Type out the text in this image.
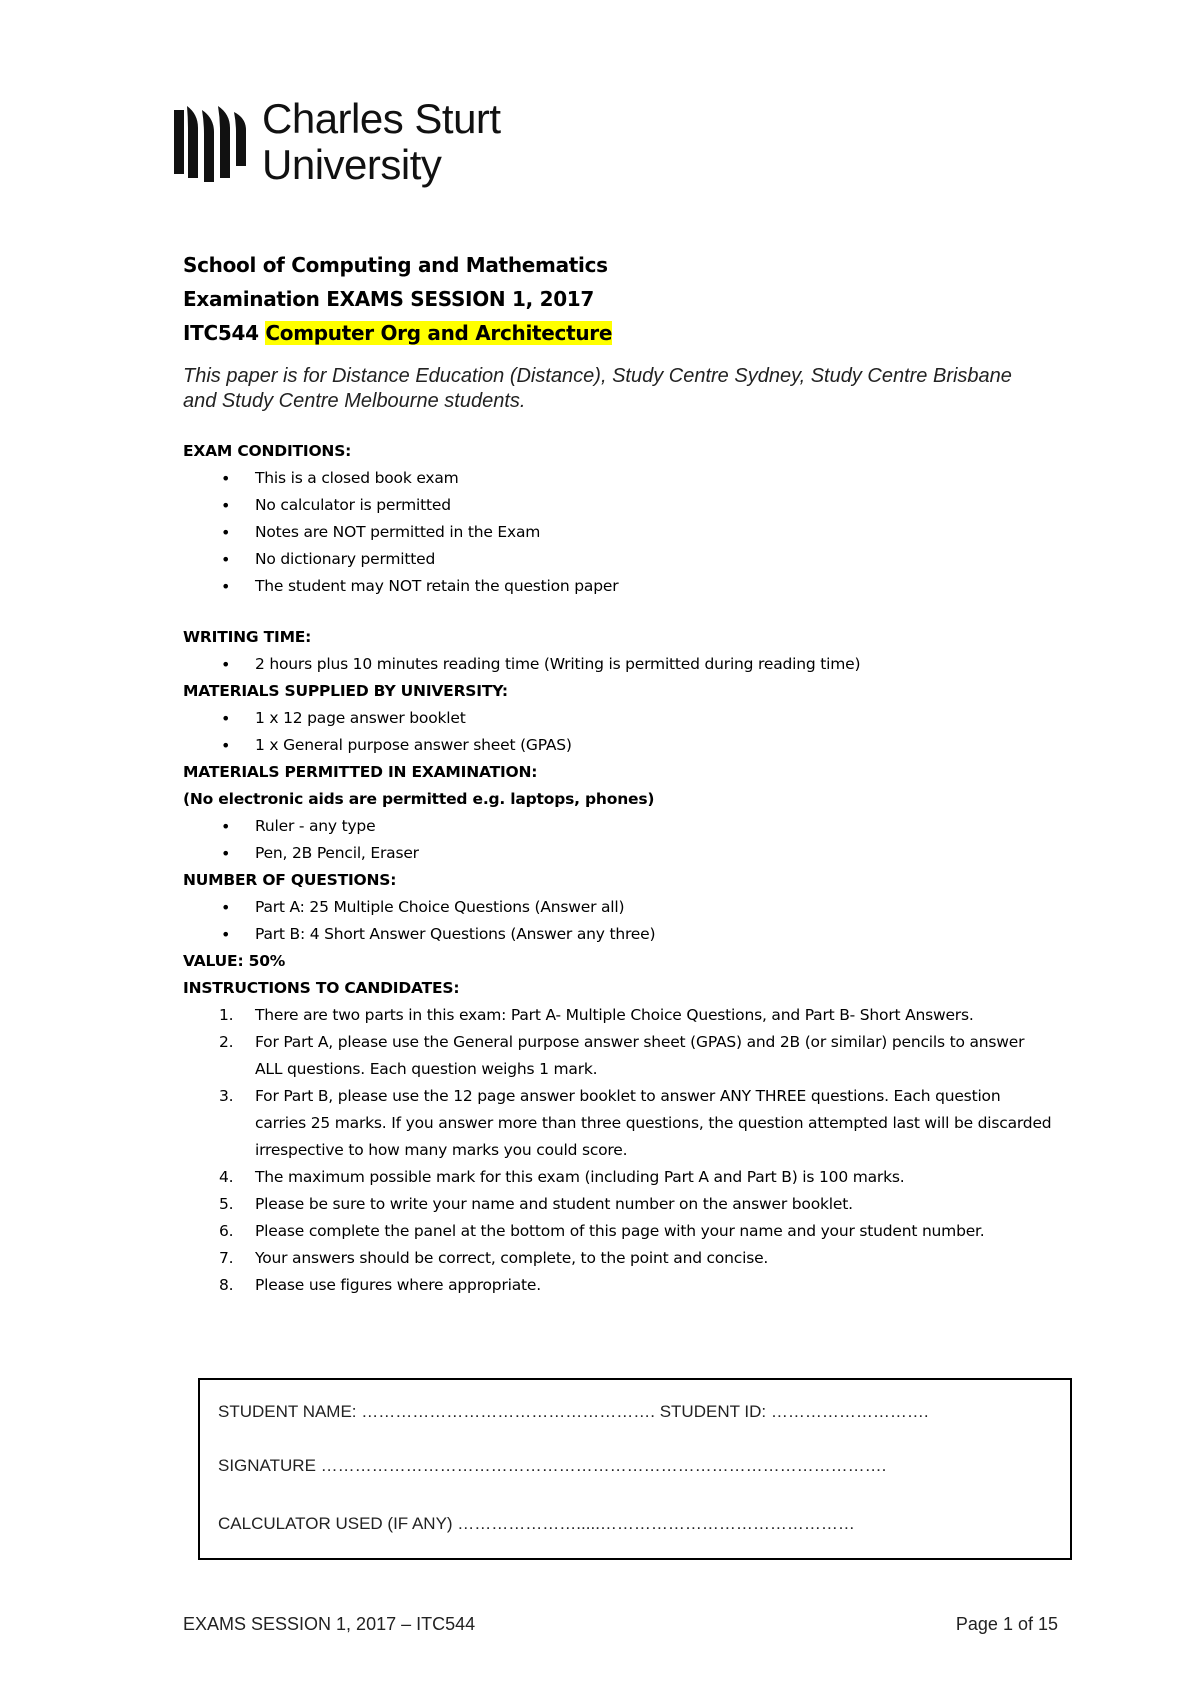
Charles Sturt
University
School of Computing and Mathematics
Examination EXAMS SESSION 1, 2017
ITC544 Computer Org and Architecture
This paper is for Distance Education (Distance), Study Centre Sydney, Study Centre Brisbane and Study Centre Melbourne students.
EXAM CONDITIONS:
• This is a closed book exam
• No calculator is permitted
• Notes are NOT permitted in the Exam
• No dictionary permitted
• The student may NOT retain the question paper
WRITING TIME:
• 2 hours plus 10 minutes reading time (Writing is permitted during reading time)
MATERIALS SUPPLIED BY UNIVERSITY:
• 1 x 12 page answer booklet
• 1 x General purpose answer sheet (GPAS)
MATERIALS PERMITTED IN EXAMINATION:
(No electronic aids are permitted e.g. laptops, phones)
• Ruler - any type
• Pen, 2B Pencil, Eraser
NUMBER OF QUESTIONS:
• Part A: 25 Multiple Choice Questions (Answer all)
• Part B: 4 Short Answer Questions (Answer any three)
VALUE: 50%
INSTRUCTIONS TO CANDIDATES:
1. There are two parts in this exam: Part A- Multiple Choice Questions, and Part B- Short Answers.
2. For Part A, please use the General purpose answer sheet (GPAS) and 2B (or similar) pencils to answer ALL questions. Each question weighs 1 mark.
3. For Part B, please use the 12 page answer booklet to answer ANY THREE questions. Each question carries 25 marks. If you answer more than three questions, the question attempted last will be discarded irrespective to how many marks you could score.
4. The maximum possible mark for this exam (including Part A and Part B) is 100 marks.
5. Please be sure to write your name and student number on the answer booklet.
6. Please complete the panel at the bottom of this page with your name and your student number.
7. Your answers should be correct, complete, to the point and concise.
8. Please use figures where appropriate.
STUDENT NAME: ……………………………………………. STUDENT ID: ……………………….
SIGNATURE ……………………………………………………………………………………….
CALCULATOR USED (IF ANY) ………………….....………………………………………
EXAMS SESSION 1, 2017 – ITC544	Page 1 of 15
